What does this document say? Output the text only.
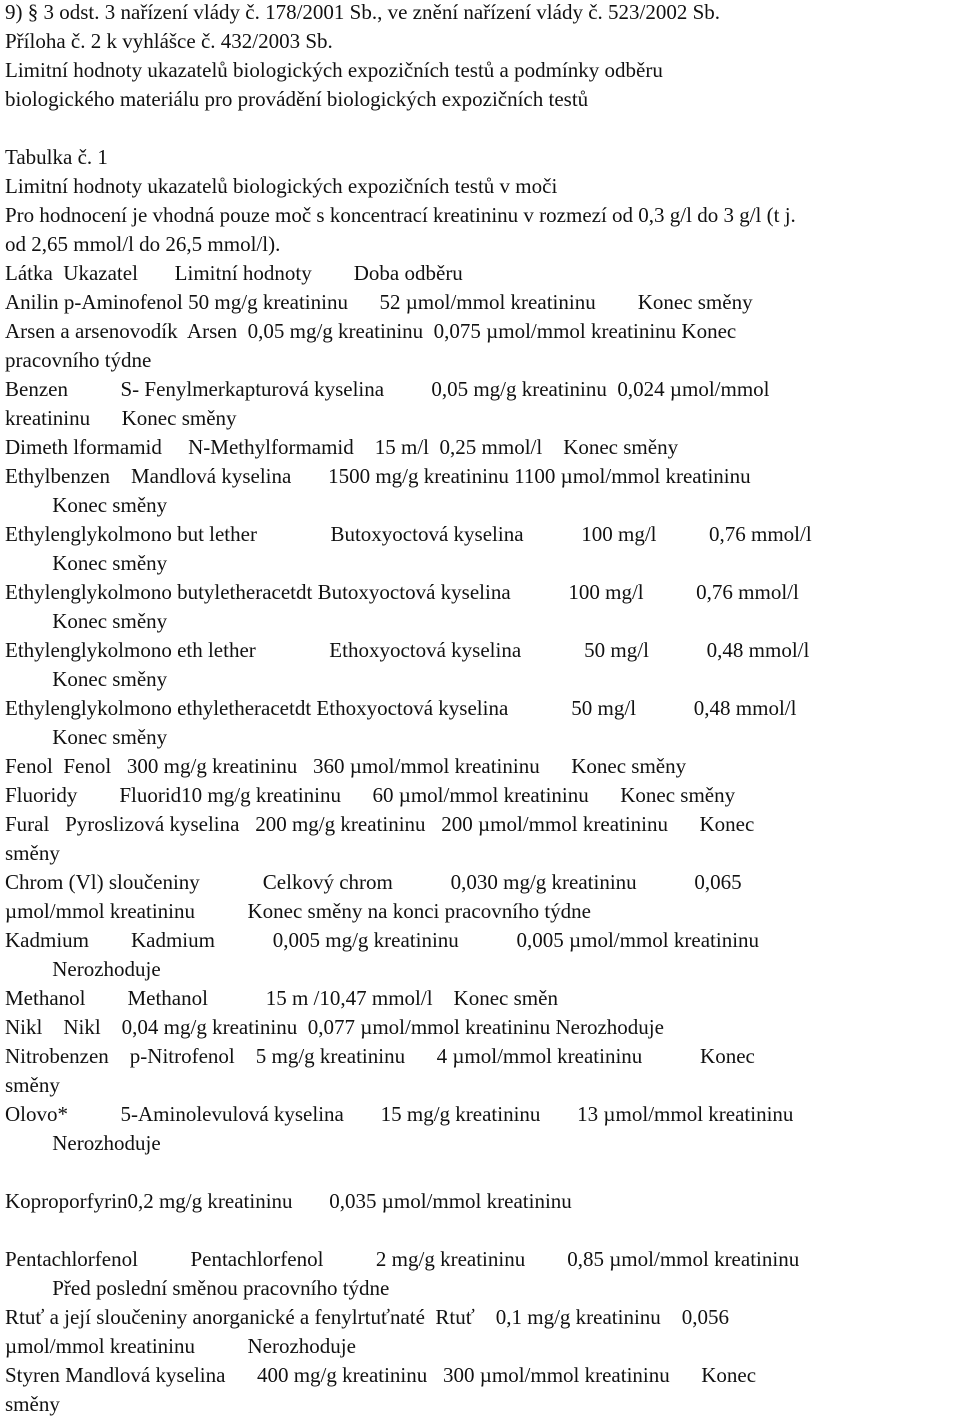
9) § 3 odst. 3 nařízení vlády č. 178/2001 Sb., ve znění nařízení vlády č. 523/2002 Sb.

Příloha č. 2 k vyhlášce č. 432/2003 Sb.

Limitní hodnoty ukazatelů biologických expozičních testů a podmínky odběru

biologického materiálu pro provádění biologických expozičních testů

Tabulka č. 1

Limitní hodnoty ukazatelů biologických expozičních testů v moči

Pro hodnocení je vhodná pouze moč s koncentrací kreatininu v rozmezí od 0,3 g/l do 3 g/l (t j.

od 2,65 mmol/l do 26,5 mmol/l).

Látka  Ukazatel       Limitní hodnoty        Doba odběru

Anilin p-Aminofenol 50 mg/g kreatininu      52 µmol/mmol kreatininu        Konec směny

Arsen a arsenovodík  Arsen  0,05 mg/g kreatininu  0,075 µmol/mmol kreatininu Konec

pracovního týdne

Benzen          S- Fenylmerkapturová kyselina         0,05 mg/g kreatininu  0,024 µmol/mmol

kreatininu      Konec směny

Dimeth lformamid     N-Methylformamid    15 m/l  0,25 mmol/l    Konec směny

Ethylbenzen    Mandlová kyselina       1500 mg/g kreatininu 1100 µmol/mmol kreatininu

Konec směny

Ethylenglykolmono but lether              Butoxyoctová kyselina           100 mg/l          0,76 mmol/l

Konec směny

Ethylenglykolmono butyletheracetdt Butoxyoctová kyselina           100 mg/l          0,76 mmol/l

Konec směny

Ethylenglykolmono eth lether              Ethoxyoctová kyselina            50 mg/l           0,48 mmol/l

Konec směny

Ethylenglykolmono ethyletheracetdt Ethoxyoctová kyselina            50 mg/l           0,48 mmol/l

Konec směny

Fenol  Fenol   300 mg/g kreatininu   360 µmol/mmol kreatininu      Konec směny

Fluoridy        Fluorid10 mg/g kreatininu      60 µmol/mmol kreatininu      Konec směny

Fural   Pyroslizová kyselina   200 mg/g kreatininu   200 µmol/mmol kreatininu      Konec

směny

Chrom (Vl) sloučeniny            Celkový chrom           0,030 mg/g kreatininu           0,065

µmol/mmol kreatininu          Konec směny na konci pracovního týdne

Kadmium        Kadmium           0,005 mg/g kreatininu           0,005 µmol/mmol kreatininu

Nerozhoduje

Methanol        Methanol           15 m /10,47 mmol/l    Konec směn

Nikl    Nikl    0,04 mg/g kreatininu  0,077 µmol/mmol kreatininu Nerozhoduje

Nitrobenzen    p-Nitrofenol    5 mg/g kreatininu      4 µmol/mmol kreatininu           Konec

směny

Olovo*          5-Aminolevulová kyselina       15 mg/g kreatininu       13 µmol/mmol kreatininu

Nerozhoduje

Koproporfyrin0,2 mg/g kreatininu       0,035 µmol/mmol kreatininu

Pentachlorfenol          Pentachlorfenol          2 mg/g kreatininu        0,85 µmol/mmol kreatininu

Před poslední směnou pracovního týdne

Rtuť a její sloučeniny anorganické a fenylrtuťnaté  Rtuť    0,1 mg/g kreatininu    0,056

µmol/mmol kreatininu          Nerozhoduje

Styren Mandlová kyselina      400 mg/g kreatininu   300 µmol/mmol kreatininu      Konec

směny
